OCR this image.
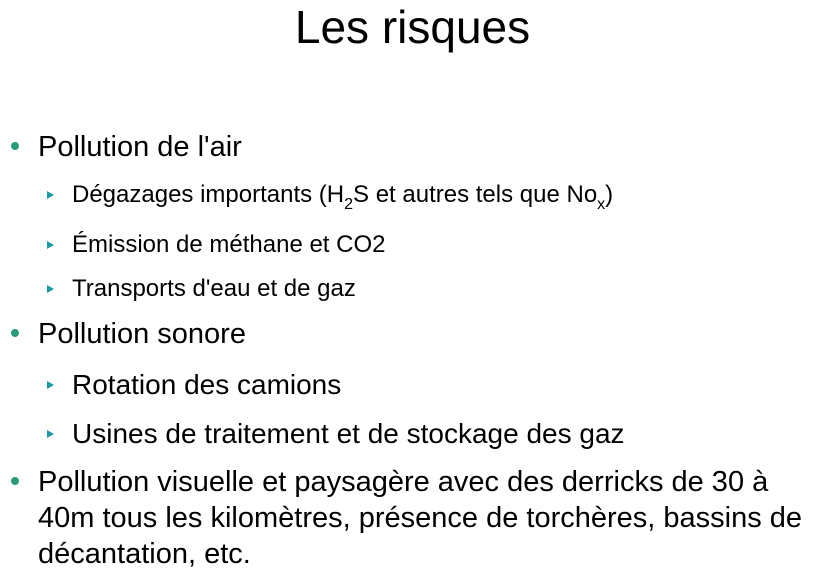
Les risques
Pollution de l'air
Dégazages importants ($H_2S$ et autres tels que $No_x$)
Émission de méthane et CO2
Transports d'eau et de gaz
Pollution sonore
Rotation des camions
Usines de traitement et de stockage des gaz
Pollution visuelle et paysagère avec des derricks de 30 à 40m tous les kilomètres, présence de torchères, bassins de décantation, etc.
